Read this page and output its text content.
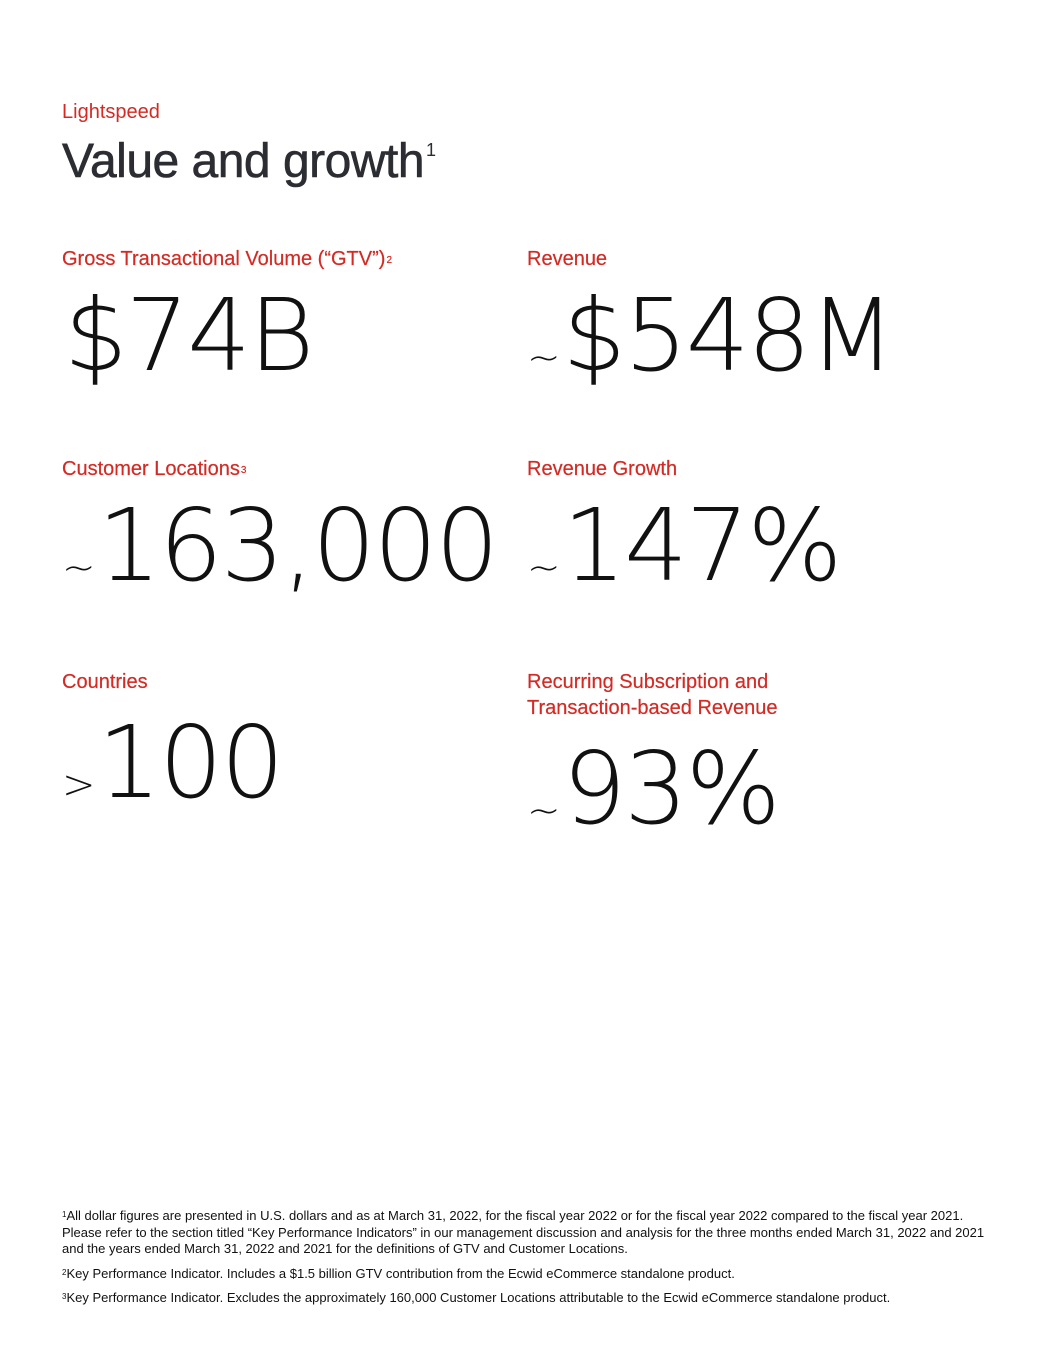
Lightspeed

Value and growth $^1$

Gross Transactional Volume (“GTV”)$^2$

$74B

Revenue

~$548M

Customer Locations$^3$

~163,000

Revenue Growth

~147%

Countries

>100

Recurring Subscription and
Transaction-based Revenue

~93%

$^1$All dollar figures are presented in U.S. dollars and as at March 31, 2022, for the fiscal year 2022 or for the fiscal year 2022 compared to the fiscal year 2021. Please refer to the section titled “Key Performance Indicators” in our management discussion and analysis for the three months ended March 31, 2022 and 2021 and the years ended March 31, 2022 and 2021 for the definitions of GTV and Customer Locations.

$^2$Key Performance Indicator. Includes a $1.5 billion GTV contribution from the Ecwid eCommerce standalone product.

$^3$Key Performance Indicator. Excludes the approximately 160,000 Customer Locations attributable to the Ecwid eCommerce standalone product.
